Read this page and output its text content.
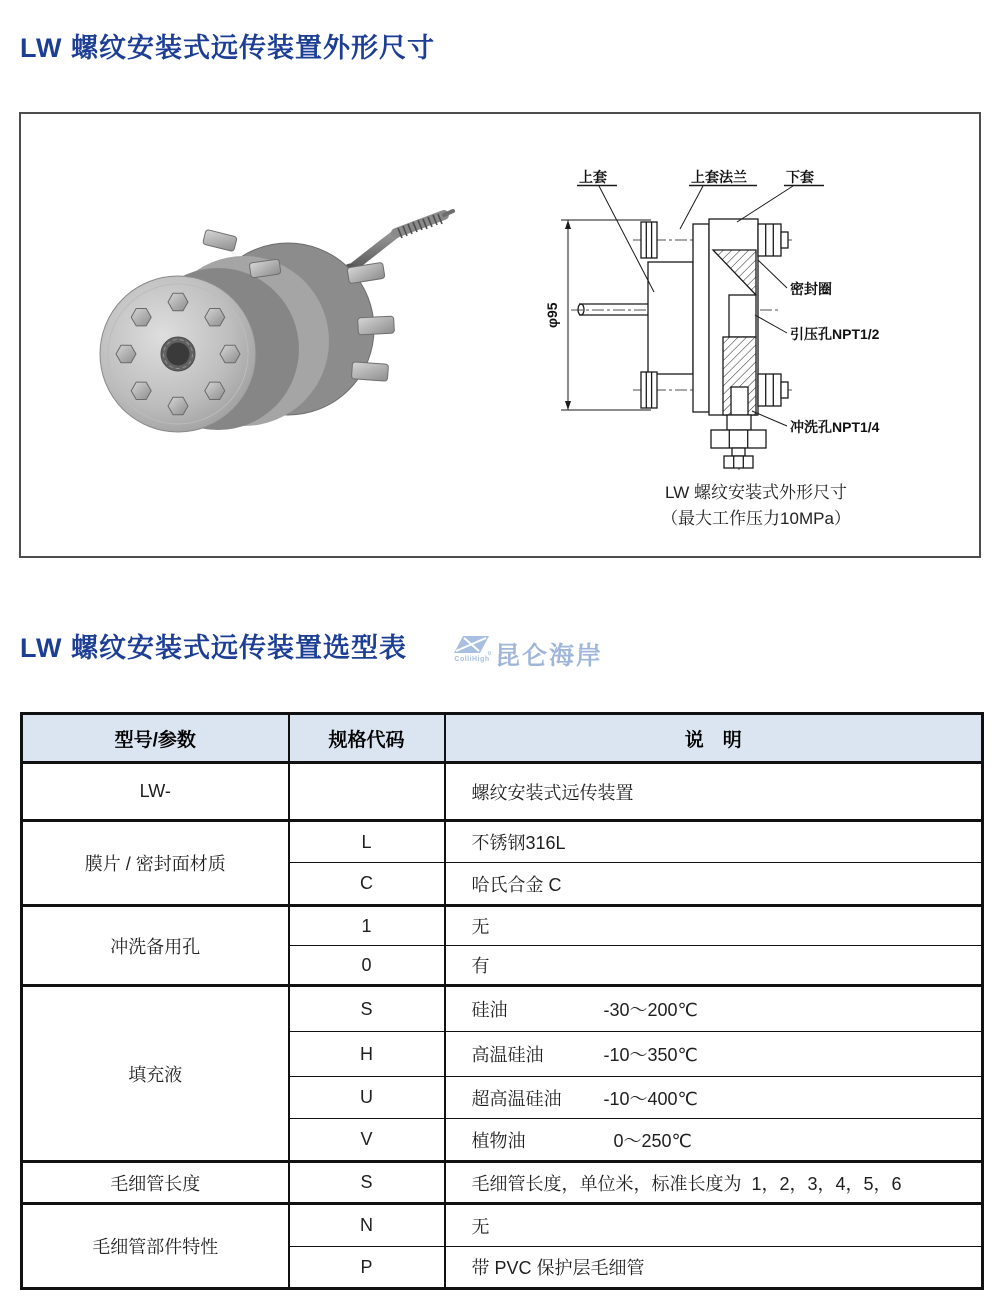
LW 螺纹安装式远传装置外形尺寸
上套	上套法兰	下套
密封圈
引压孔NPT1/2
冲洗孔NPT1/4
φ95
LW 螺纹安装式外形尺寸
（最大工作压力10MPa）
LW 螺纹安装式远传装置选型表	ColliHigh 昆仑海岸
型号/参数	规格代码	说　明
LW-		螺纹安装式远传装置
膜片 / 密封面材质	L	不锈钢316L
	C	哈氏合金 C
冲洗备用孔	1	无
	0	有
填充液	S	硅油 -30～200℃
	H	高温硅油 -10～350℃
	U	超高温硅油 -10～400℃
	V	植物油 0～250℃
毛细管长度	S	毛细管长度，单位米，标准长度为  1，2，3，4，5，6
毛细管部件特性	N	无
	P	带 PVC 保护层毛细管
